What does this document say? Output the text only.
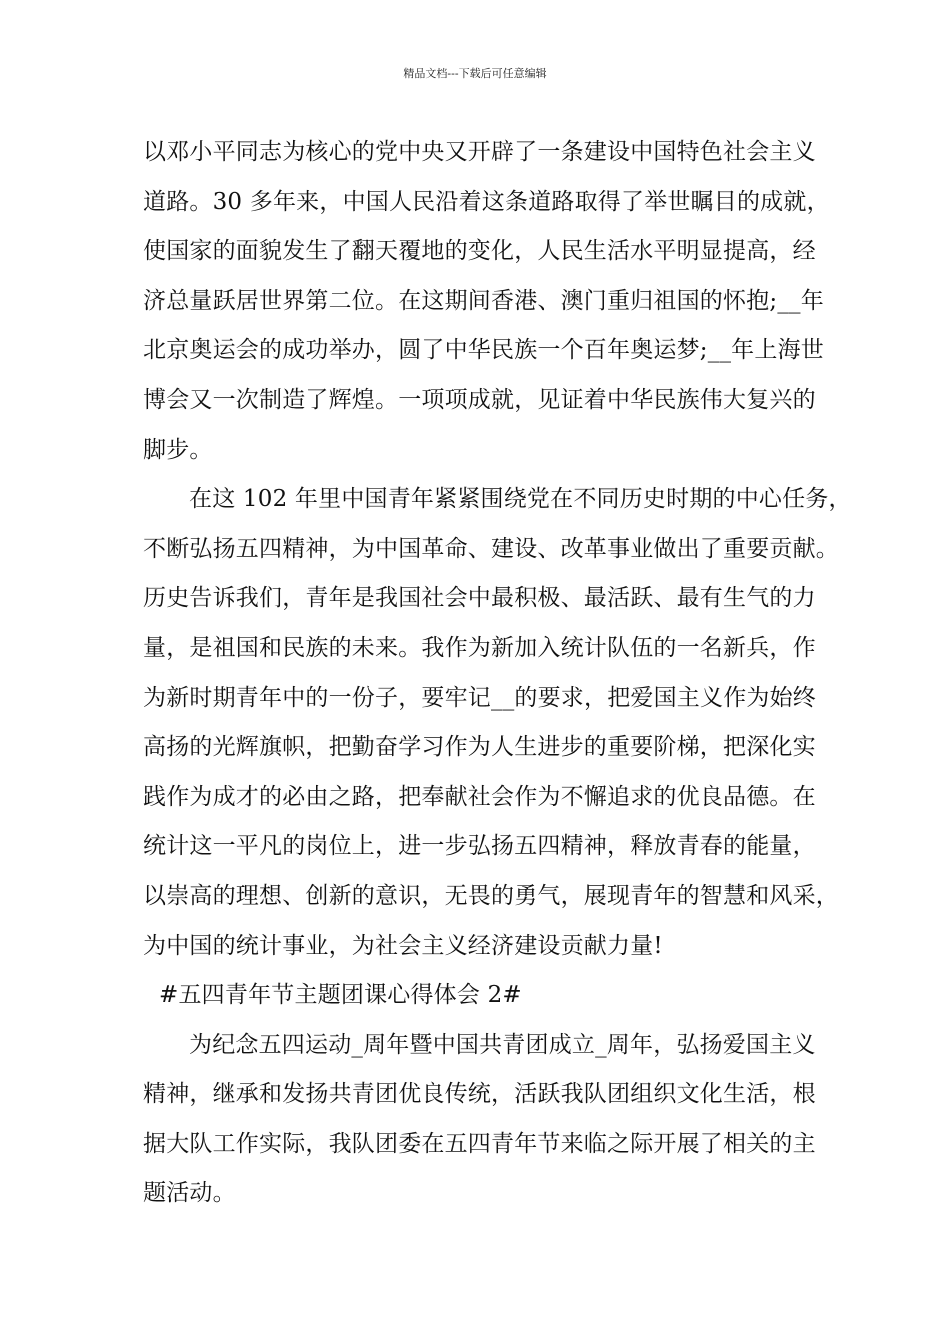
精品文档---下载后可任意编辑
以邓小平同志为核心的党中央又开辟了一条建设中国特色社会主义
道路。30 多年来，中国人民沿着这条道路取得了举世瞩目的成就，
使国家的面貌发生了翻天覆地的变化，人民生活水平明显提高，经
济总量跃居世界第二位。在这期间香港、澳门重归祖国的怀抱;__年
北京奥运会的成功举办，圆了中华民族一个百年奥运梦;__年上海世
博会又一次制造了辉煌。一项项成就，见证着中华民族伟大复兴的
脚步。
在这 102 年里中国青年紧紧围绕党在不同历史时期的中心任务，
不断弘扬五四精神，为中国革命、建设、改革事业做出了重要贡献。
历史告诉我们，青年是我国社会中最积极、最活跃、最有生气的力
量，是祖国和民族的未来。我作为新加入统计队伍的一名新兵，作
为新时期青年中的一份子，要牢记__的要求，把爱国主义作为始终
高扬的光辉旗帜，把勤奋学习作为人生进步的重要阶梯，把深化实
践作为成才的必由之路，把奉献社会作为不懈追求的优良品德。在
统计这一平凡的岗位上，进一步弘扬五四精神，释放青春的能量，
以崇高的理想、创新的意识，无畏的勇气，展现青年的智慧和风采，
为中国的统计事业，为社会主义经济建设贡献力量!
#五四青年节主题团课心得体会 2#
为纪念五四运动_周年暨中国共青团成立_周年，弘扬爱国主义
精神，继承和发扬共青团优良传统，活跃我队团组织文化生活，根
据大队工作实际，我队团委在五四青年节来临之际开展了相关的主
题活动。
